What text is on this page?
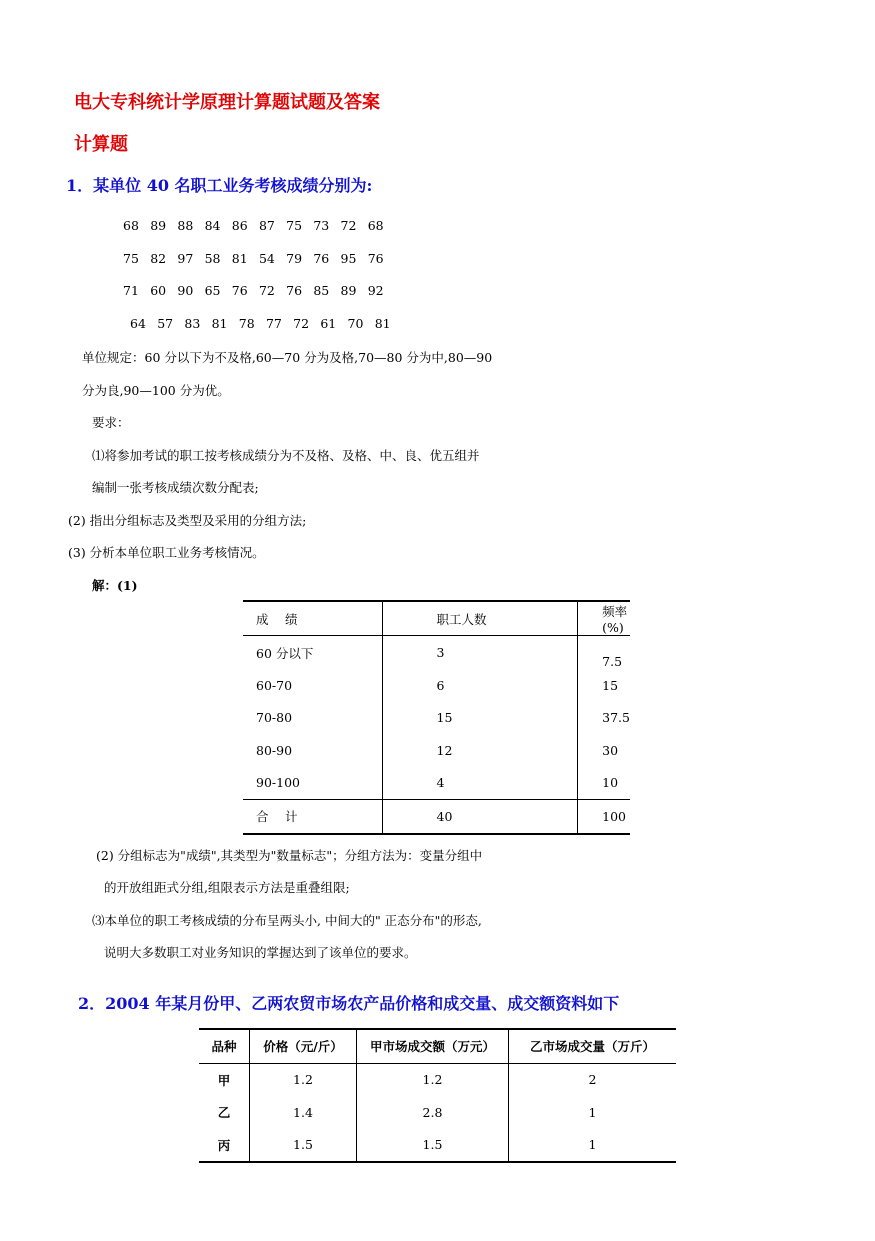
电大专科统计学原理计算题试题及答案
计算题
1．某单位 40 名职工业务考核成绩分别为:
68 89 88 84 86 87 75 73 72 68
75 82 97 58 81 54 79 76 95 76
71 60 90 65 76 72 76 85 89 92
64 57 83 81 78 77 72 61 70 81
单位规定：60 分以下为不及格,60—70 分为及格,70—80 分为中,80—90
分为良,90—100 分为优。
要求：
⑴将参加考试的职工按考核成绩分为不及格、及格、中、良、优五组并
编制一张考核成绩次数分配表;
(2) 指出分组标志及类型及采用的分组方法;
(3) 分析本单位职工业务考核情况。
解：(1)
成　 绩	职工人数	频率(%)
60 分以下	3	　7.5
60-70	6	15
70-80	15	37.5
80-90	12	30
90-100	4	10
合　 计	40	100
(2) 分组标志为"成绩",其类型为"数量标志"；分组方法为：变量分组中
的开放组距式分组,组限表示方法是重叠组限;
⑶本单位的职工考核成绩的分布呈两头小, 中间大的" 正态分布"的形态,
说明大多数职工对业务知识的掌握达到了该单位的要求。
2．2004 年某月份甲、乙两农贸市场农产品价格和成交量、成交额资料如下
品种	价格（元/斤）	甲市场成交额（万元）	乙市场成交量（万斤）
甲	1.2	1.2	2
乙	1.4	2.8	1
丙	1.5	1.5	1
